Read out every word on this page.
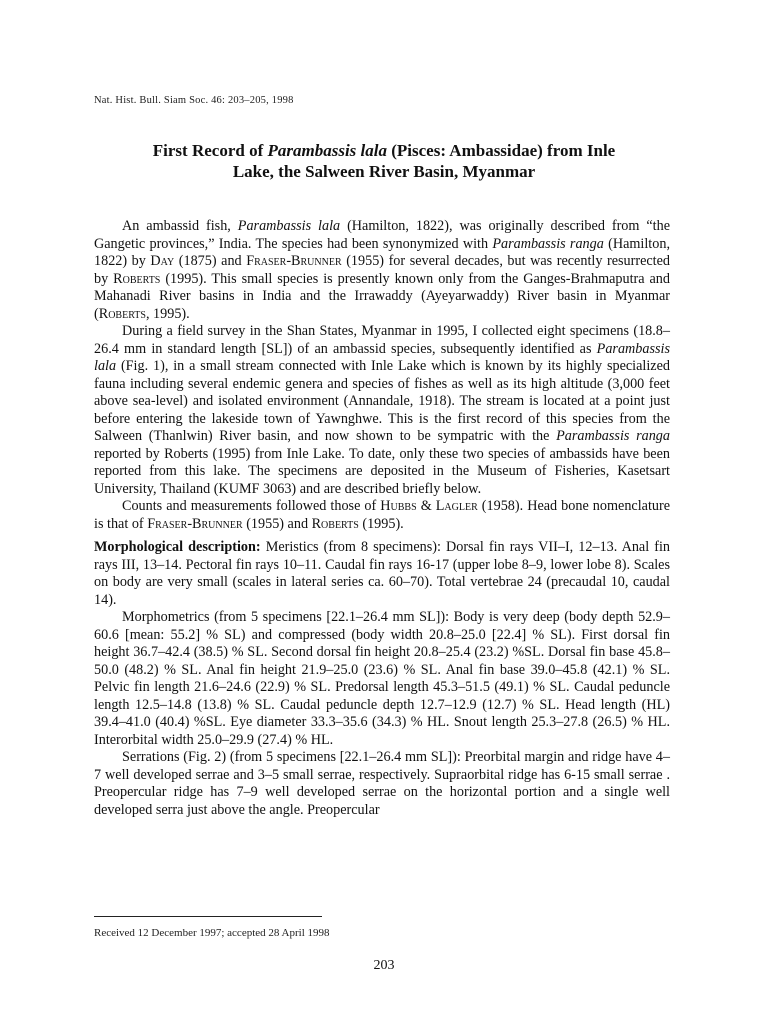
Nat. Hist. Bull. Siam Soc. 46: 203–205, 1998
First Record of Parambassis lala (Pisces: Ambassidae) from Inle
Lake, the Salween River Basin, Myanmar

An ambassid fish, Parambassis lala (Hamilton, 1822), was originally described from “the Gangetic provinces,” India. The species had been synonymized with Parambassis ranga (Hamilton, 1822) by Day (1875) and Fraser-Brunner (1955) for several decades, but was recently resurrected by Roberts (1995). This small species is presently known only from the Ganges-Brahmaputra and Mahanadi River basins in India and the Irrawaddy (Ayeyarwaddy) River basin in Myanmar (Roberts, 1995).

During a field survey in the Shan States, Myanmar in 1995, I collected eight specimens (18.8–26.4 mm in standard length [SL]) of an ambassid species, subsequently identified as Parambassis lala (Fig. 1), in a small stream connected with Inle Lake which is known by its highly specialized fauna including several endemic genera and species of fishes as well as its high altitude (3,000 feet above sea-level) and isolated environment (Annandale, 1918). The stream is located at a point just before entering the lakeside town of Yawnghwe. This is the first record of this species from the Salween (Thanlwin) River basin, and now shown to be sympatric with the Parambassis ranga reported by Roberts (1995) from Inle Lake. To date, only these two species of ambassids have been reported from this lake. The specimens are deposited in the Museum of Fisheries, Kasetsart University, Thailand (KUMF 3063) and are described briefly below.

Counts and measurements followed those of Hubbs & Lagler (1958). Head bone nomenclature is that of Fraser-Brunner (1955) and Roberts (1995).

Morphological description: Meristics (from 8 specimens): Dorsal fin rays VII–I, 12–13. Anal fin rays III, 13–14. Pectoral fin rays 10–11. Caudal fin rays 16-17 (upper lobe 8–9, lower lobe 8). Scales on body are very small (scales in lateral series ca. 60–70). Total vertebrae 24 (precaudal 10, caudal 14).

Morphometrics (from 5 specimens [22.1–26.4 mm SL]): Body is very deep (body depth 52.9–60.6 [mean: 55.2] % SL) and compressed (body width 20.8–25.0 [22.4] % SL). First dorsal fin height 36.7–42.4 (38.5) % SL. Second dorsal fin height 20.8–25.4 (23.2) %SL. Dorsal fin base 45.8–50.0 (48.2) % SL. Anal fin height 21.9–25.0 (23.6) % SL. Anal fin base 39.0–45.8 (42.1) % SL. Pelvic fin length 21.6–24.6 (22.9) % SL. Predorsal length 45.3–51.5 (49.1) % SL. Caudal peduncle length 12.5–14.8 (13.8) % SL. Caudal peduncle depth 12.7–12.9 (12.7) % SL. Head length (HL) 39.4–41.0 (40.4) %SL. Eye diameter 33.3–35.6 (34.3) % HL. Snout length 25.3–27.8 (26.5) % HL. Interorbital width 25.0–29.9 (27.4) % HL.

Serrations (Fig. 2) (from 5 specimens [22.1–26.4 mm SL]): Preorbital margin and ridge have 4–7 well developed serrae and 3–5 small serrae, respectively. Supraorbital ridge has 6-15 small serrae . Preopercular ridge has 7–9 well developed serrae on the horizontal portion and a single well developed serra just above the angle. Preopercular

Received 12 December 1997; accepted 28 April 1998
203
